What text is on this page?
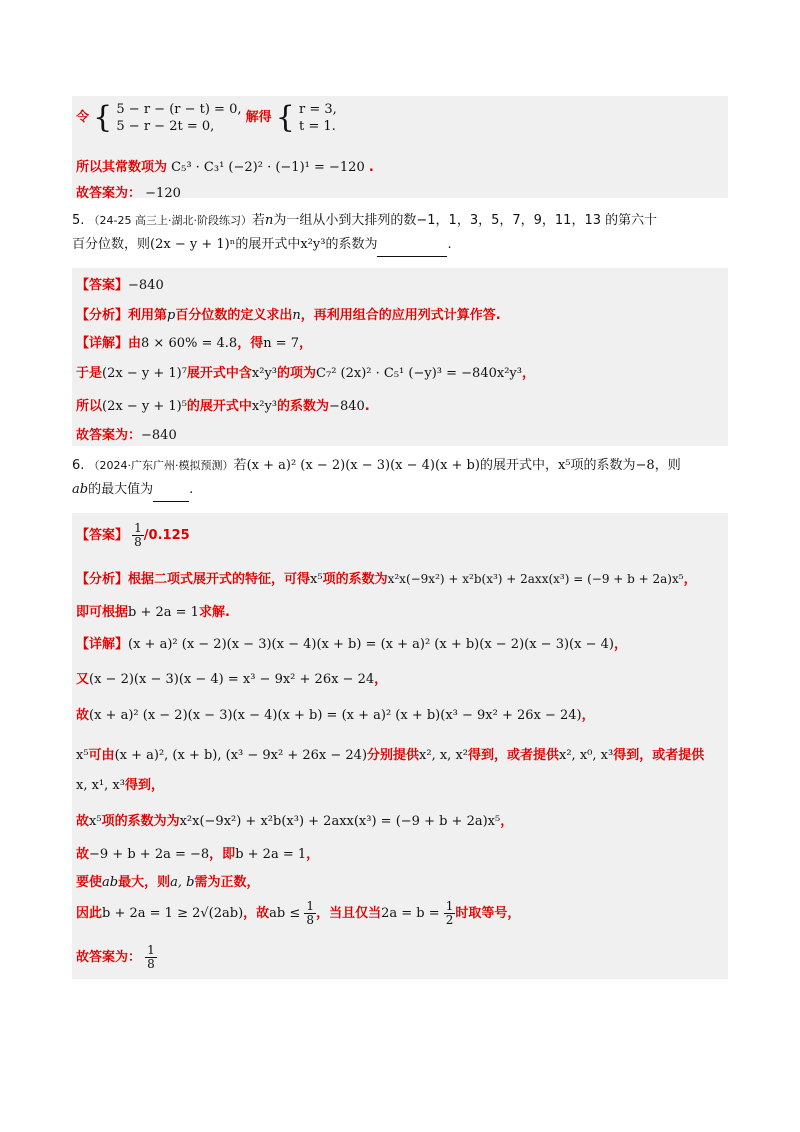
令 { 5 − r − (r − t) = 0,
5 − r − 2t = 0,
解得 { r = 3,
t = 1.
所以其常数项为 C₅³ · C₃¹ (−2)² · (−1)¹ = −120 .
故答案为： −120
5. （24-25 高三上·湖北·阶段练习）若n为一组从小到大排列的数−1，1，3，5，7，9，11，13 的第六十
百分位数，则(2x − y + 1)ⁿ的展开式中x²y³的系数为	.
【答案】−840
【分析】利用第p百分位数的定义求出n，再利用组合的应用列式计算作答.
【详解】由8 × 60% = 4.8，得n = 7，
于是(2x − y + 1)⁷展开式中含x²y³的项为C₇² (2x)² · C₅¹ (−y)³ = −840x²y³，
所以(2x − y + 1)⁵的展开式中x²y³的系数为−840.
故答案为：−840
6. （2024·广东广州·模拟预测）若(x + a)² (x − 2)(x − 3)(x − 4)(x + b)的展开式中，x⁵项的系数为−8，则
ab的最大值为	.
【答案】 $\frac{1}{8} /0.125$
【分析】根据二项式展开式的特征，可得x⁵项的系数为x²x(−9x²) + x²b(x³) + 2axx(x³) = (−9 + b + 2a)x⁵，
即可根据b + 2a = 1求解.
【详解】(x + a)² (x − 2)(x − 3)(x − 4)(x + b) = (x + a)² (x + b)(x − 2)(x − 3)(x − 4)，
又(x − 2)(x − 3)(x − 4) = x³ − 9x² + 26x − 24，
故(x + a)² (x − 2)(x − 3)(x − 4)(x + b) = (x + a)² (x + b)(x³ − 9x² + 26x − 24)，
x⁵可由(x + a)², (x + b), (x³ − 9x² + 26x − 24)分别提供x², x, x²得到，或者提供x², x⁰, x³得到，或者提供
x, x¹, x³得到，
故x⁵项的系数为为x²x(−9x²) + x²b(x³) + 2axx(x³) = (−9 + b + 2a)x⁵，
故−9 + b + 2a = −8，即b + 2a = 1，
要使ab最大，则a, b需为正数，
因此b + 2a = 1 ≥ 2√(2ab)，故ab ≤ $\frac{1}{8}$ ，当且仅当$2a = b = \frac{1}{2}$ 时取等号，
故答案为： $\frac{1}{8}$
